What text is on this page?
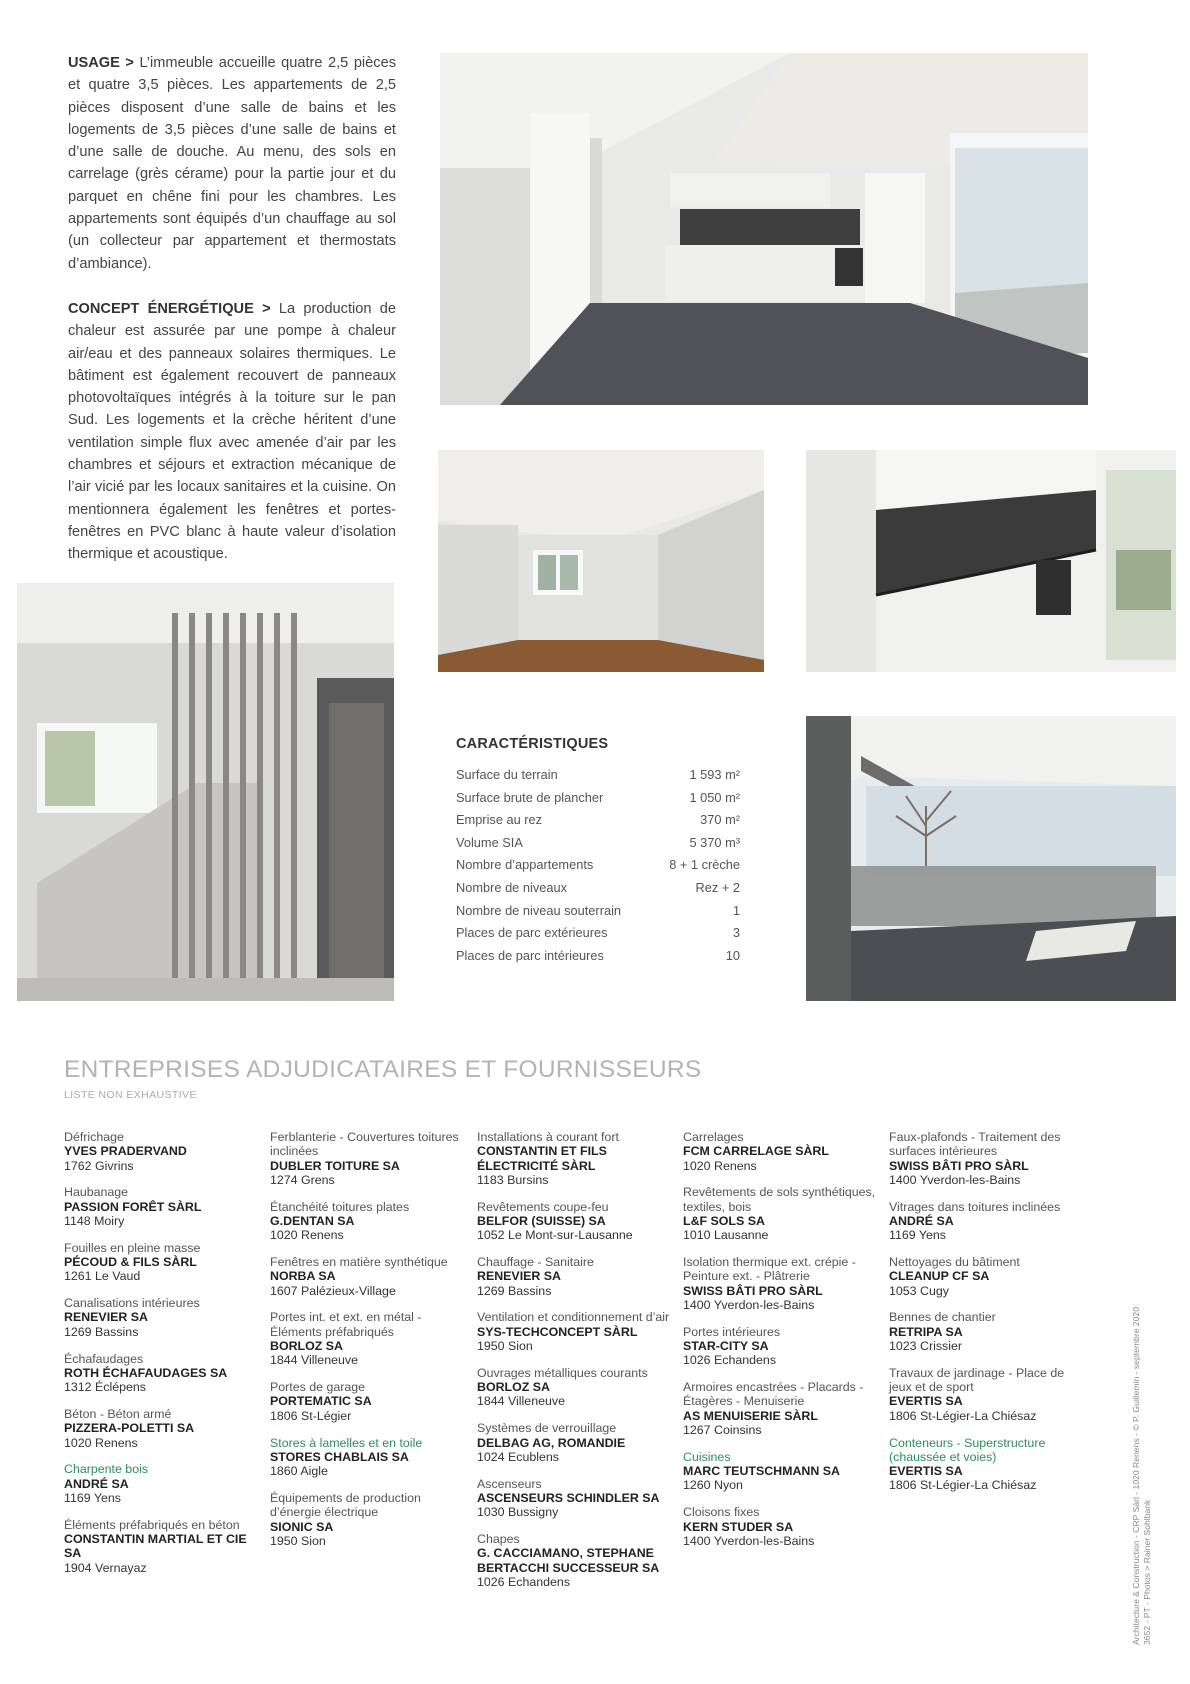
USAGE > L’immeuble accueille quatre 2,5 pièces et quatre 3,5 pièces. Les appartements de 2,5 pièces disposent d’une salle de bains et les logements de 3,5 pièces d’une salle de bains et d’une salle de douche. Au menu, des sols en carrelage (grès cérame) pour la partie jour et du parquet en chêne fini pour les chambres. Les appartements sont équipés d’un chauffage au sol (un collecteur par appartement et thermostats d’ambiance).

CONCEPT ÉNERGÉTIQUE > La production de chaleur est assurée par une pompe à chaleur air/eau et des panneaux solaires thermiques. Le bâtiment est également recouvert de panneaux photovoltaïques intégrés à la toiture sur le pan Sud. Les logements et la crèche héritent d’une ventilation simple flux avec amenée d’air par les chambres et séjours et extraction mécanique de l’air vicié par les locaux sanitaires et la cuisine. On mentionnera également les fenêtres et portes-fenêtres en PVC blanc à haute valeur d’isolation thermique et acoustique.

CARACTÉRISTIQUES
Surface du terrain	1 593 m²
Surface brute de plancher	1 050 m²
Emprise au rez	370 m²
Volume SIA	5 370 m³
Nombre d’appartements	8 + 1 crèche
Nombre de niveaux	Rez + 2
Nombre de niveau souterrain	1
Places de parc extérieures	3
Places de parc intérieures	10
ENTREPRISES ADJUDICATAIRES ET FOURNISSEURS
LISTE NON EXHAUSTIVE
Défrichage
YVES PRADERVAND
1762 Givrins
Haubanage
PASSION FORÊT SÀRL
1148 Moiry
Fouilles en pleine masse
PÉCOUD & FILS SÀRL
1261 Le Vaud
Canalisations intérieures
RENEVIER SA
1269 Bassins
Échafaudages
ROTH ÉCHAFAUDAGES SA
1312 Éclépens
Béton - Béton armé
PIZZERA-POLETTI SA
1020 Renens
Charpente bois
ANDRÉ SA
1169 Yens
Éléments préfabriqués en béton
CONSTANTIN MARTIAL ET CIE SA
1904 Vernayaz
Ferblanterie - Couvertures toitures inclinées
DUBLER TOITURE SA
1274 Grens
Étanchéité toitures plates
G.DENTAN SA
1020 Renens
Fenêtres en matière synthétique
NORBA SA
1607 Palézieux-Village
Portes int. et ext. en métal - Éléments préfabriqués
BORLOZ SA
1844 Villeneuve
Portes de garage
PORTEMATIC SA
1806 St-Légier
Stores à lamelles et en toile
STORES CHABLAIS SA
1860 Aigle
Équipements de production d’énergie électrique
SIONIC SA
1950 Sion
Installations à courant fort
CONSTANTIN ET FILS ÉLECTRICITÉ SÀRL
1183 Bursins
Revêtements coupe-feu
BELFOR (SUISSE) SA
1052 Le Mont-sur-Lausanne
Chauffage - Sanitaire
RENEVIER SA
1269 Bassins
Ventilation et conditionnement d’air
SYS-TECHCONCEPT SÀRL
1950 Sion
Ouvrages métalliques courants
BORLOZ SA
1844 Villeneuve
Systèmes de verrouillage
DELBAG AG, ROMANDIE
1024 Ecublens
Ascenseurs
ASCENSEURS SCHINDLER SA
1030 Bussigny
Chapes
G. CACCIAMANO, STEPHANE BERTACCHI SUCCESSEUR SA
1026 Echandens
Carrelages
FCM CARRELAGE SÀRL
1020 Renens
Revêtements de sols synthétiques, textiles, bois
L&F SOLS SA
1010 Lausanne
Isolation thermique ext. crépie - Peinture ext. - Plâtrerie
SWISS BÂTI PRO SÀRL
1400 Yverdon-les-Bains
Portes intérieures
STAR-CITY SA
1026 Echandens
Armoires encastrées - Placards - Étagères - Menuiserie
AS MENUISERIE SÀRL
1267 Coinsins
Cuisines
MARC TEUTSCHMANN SA
1260 Nyon
Cloisons fixes
KERN STUDER SA
1400 Yverdon-les-Bains
Faux-plafonds - Traitement des surfaces intérieures
SWISS BÂTI PRO SÀRL
1400 Yverdon-les-Bains
Vitrages dans toitures inclinées
ANDRÉ SA
1169 Yens
Nettoyages du bâtiment
CLEANUP CF SA
1053 Cugy
Bennes de chantier
RETRIPA SA
1023 Crissier
Travaux de jardinage - Place de jeux et de sport
EVERTIS SA
1806 St-Légier-La Chiésaz
Conteneurs - Superstructure (chaussée et voies)
EVERTIS SA
1806 St-Légier-La Chiésaz	Architecture & Construction - CRP Sàrl - 1020 Renens - © P. Guillemin - septembre 2020 3652 - PT - Photos > Rainer Sohlbank
